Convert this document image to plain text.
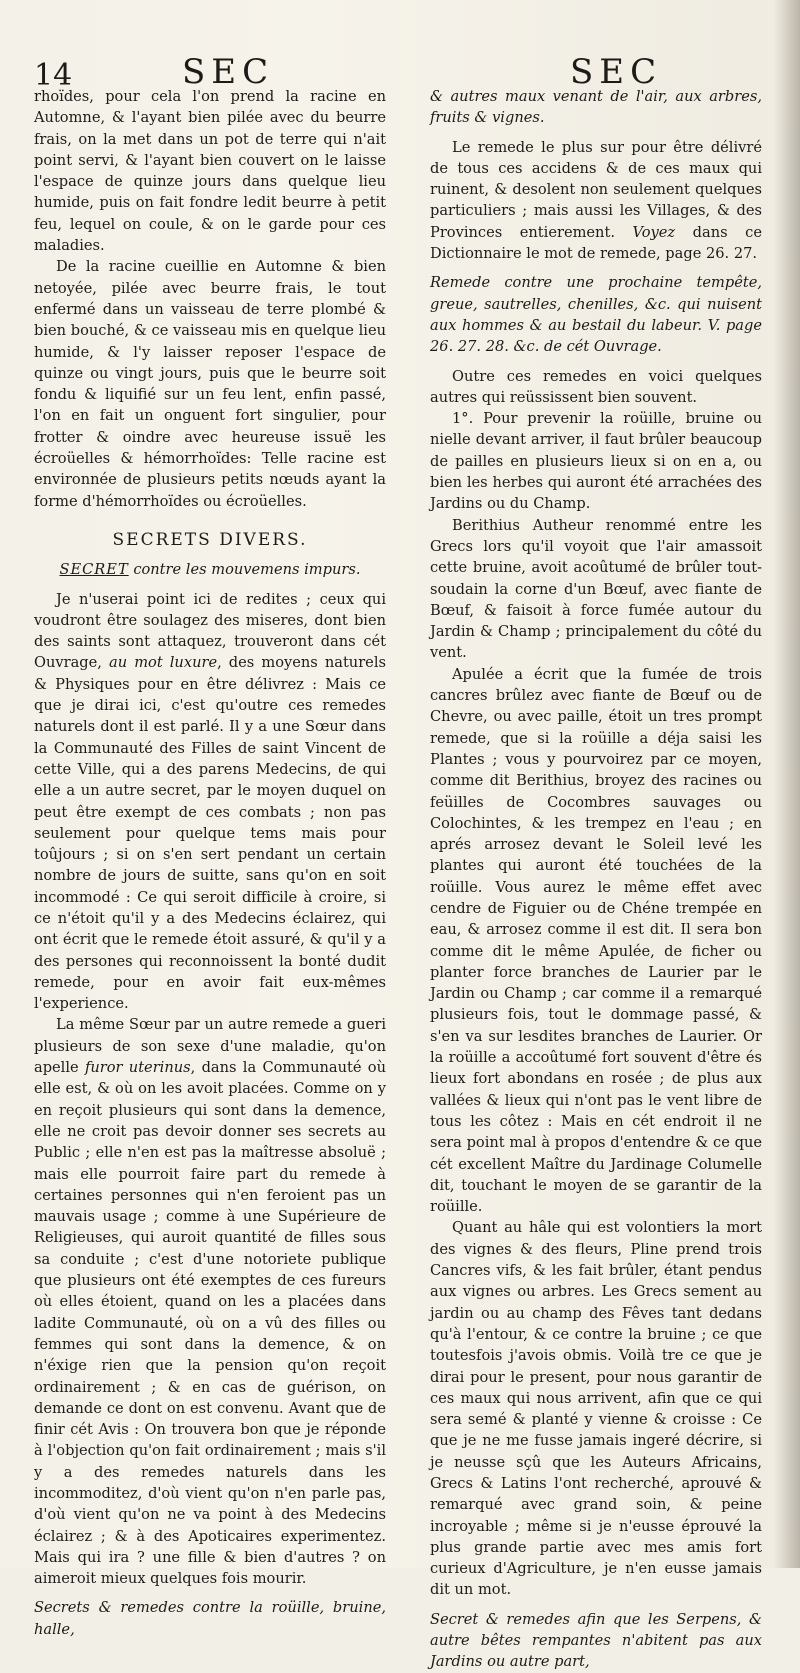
14	SEC	SEC

rhoïdes, pour cela l'on prend la racine en Automne, & l'ayant bien pilée avec du beurre frais, on la met dans un pot de terre qui n'ait point servi, & l'ayant bien couvert on le laisse l'espace de quinze jours dans quelque lieu humide, puis on fait fondre ledit beurre à petit feu, lequel on coule, & on le garde pour ces maladies.

De la racine cueillie en Automne & bien netoyée, pilée avec beurre frais, le tout enfermé dans un vaisseau de terre plombé & bien bouché, & ce vaisseau mis en quelque lieu humide, & l'y laisser reposer l'espace de quinze ou vingt jours, puis que le beurre soit fondu & liquifié sur un feu lent, enfin passé, l'on en fait un onguent fort singulier, pour frotter & oindre avec heureuse issuë les écroüelles & hémorrhoïdes: Telle racine est environnée de plusieurs petits nœuds ayant la forme d'hémorrhoïdes ou écroüelles.

SECRETS DIVERS.

SECRET contre les mouvemens impurs.

Je n'userai point ici de redites ; ceux qui voudront être soulagez des miseres, dont bien des saints sont attaquez, trouveront dans cét Ouvrage, au mot luxure, des moyens naturels & Physiques pour en être délivrez : Mais ce que je dirai ici, c'est qu'outre ces remedes naturels dont il est parlé. Il y a une Sœur dans la Communauté des Filles de saint Vincent de cette Ville, qui a des parens Medecins, de qui elle a un autre secret, par le moyen duquel on peut être exempt de ces combats ; non pas seulement pour quelque tems mais pour toûjours ; si on s'en sert pendant un certain nombre de jours de suitte, sans qu'on en soit incommodé : Ce qui seroit difficile à croire, si ce n'étoit qu'il y a des Medecins éclairez, qui ont écrit que le remede étoit assuré, & qu'il y a des persones qui reconnoissent la bonté dudit remede, pour en avoir fait eux-mêmes l'experience.

La même Sœur par un autre remede a gueri plusieurs de son sexe d'une maladie, qu'on apelle furor uterinus, dans la Communauté où elle est, & où on les avoit placées. Comme on y en reçoit plusieurs qui sont dans la demence, elle ne croit pas devoir donner ses secrets au Public ; elle n'en est pas la maîtresse absoluë ; mais elle pourroit faire part du remede à certaines personnes qui n'en feroient pas un mauvais usage ; comme à une Supérieure de Religieuses, qui auroit quantité de filles sous sa conduite ; c'est d'une notoriete publique que plusieurs ont été exemptes de ces fureurs où elles étoient, quand on les a placées dans ladite Communauté, où on a vû des filles ou femmes qui sont dans la demence, & on n'éxige rien que la pension qu'on reçoit ordinairement ; & en cas de guérison, on demande ce dont on est convenu. Avant que de finir cét Avis : On trouvera bon que je réponde à l'objection qu'on fait ordinairement ; mais s'il y a des remedes naturels dans les incommoditez, d'où vient qu'on n'en parle pas, d'où vient qu'on ne va point à des Medecins éclairez ; & à des Apoticaires experimentez. Mais qui ira ? une fille & bien d'autres ? on aimeroit mieux quelques fois mourir.

Secrets & remedes contre la roüille, bruine, halle,

& autres maux venant de l'air, aux arbres, fruits & vignes.

Le remede le plus sur pour être délivré de tous ces accidens & de ces maux qui ruinent, & desolent non seulement quelques particuliers ; mais aussi les Villages, & des Provinces entierement. Voyez dans ce Dictionnaire le mot de remede, page 26. 27.

Remede contre une prochaine tempête, greue, sautrelles, chenilles, &c. qui nuisent aux hommes & au bestail du labeur. V. page 26. 27. 28. &c. de cét Ouvrage.

Outre ces remedes en voici quelques autres qui reüssissent bien souvent.

1°. Pour prevenir la roüille, bruine ou nielle devant arriver, il faut brûler beaucoup de pailles en plusieurs lieux si on en a, ou bien les herbes qui auront été arrachées des Jardins ou du Champ.

Berithius Autheur renommé entre les Grecs lors qu'il voyoit que l'air amassoit cette bruine, avoit acoûtumé de brûler tout-soudain la corne d'un Bœuf, avec fiante de Bœuf, & faisoit à force fumée autour du Jardin & Champ ; principalement du côté du vent.

Apulée a écrit que la fumée de trois cancres brûlez avec fiante de Bœuf ou de Chevre, ou avec paille, étoit un tres prompt remede, que si la roüille a déja saisi les Plantes ; vous y pourvoirez par ce moyen, comme dit Berithius, broyez des racines ou feüilles de Cocombres sauvages ou Colochintes, & les trempez en l'eau ; en aprés arrosez devant le Soleil levé les plantes qui auront été touchées de la roüille. Vous aurez le même effet avec cendre de Figuier ou de Chéne trempée en eau, & arrosez comme il est dit. Il sera bon comme dit le même Apulée, de ficher ou planter force branches de Laurier par le Jardin ou Champ ; car comme il a remarqué plusieurs fois, tout le dommage passé, & s'en va sur lesdites branches de Laurier. Or la roüille a accoûtumé fort souvent d'être és lieux fort abondans en rosée ; de plus aux vallées & lieux qui n'ont pas le vent libre de tous les côtez : Mais en cét endroit il ne sera point mal à propos d'entendre & ce que cét excellent Maître du Jardinage Columelle dit, touchant le moyen de se garantir de la roüille.

Quant au hâle qui est volontiers la mort des vignes & des fleurs, Pline prend trois Cancres vifs, & les fait brûler, étant pendus aux vignes ou arbres. Les Grecs sement au jardin ou au champ des Fêves tant dedans qu'à l'entour, & ce contre la bruine ; ce que toutesfois j'avois obmis. Voilà tre ce que je dirai pour le present, pour nous garantir de ces maux qui nous arrivent, afin que ce qui sera semé & planté y vienne & croisse : Ce que je ne me fusse jamais ingeré décrire, si je neusse sçû que les Auteurs Africains, Grecs & Latins l'ont recherché, aprouvé & remarqué avec grand soin, & peine incroyable ; même si je n'eusse éprouvé la plus grande partie avec mes amis fort curieux d'Agriculture, je n'en eusse jamais dit un mot.

Secret & remedes afin que les Serpens, & autre bêtes rempantes n'abitent pas aux Jardins ou autre part,
